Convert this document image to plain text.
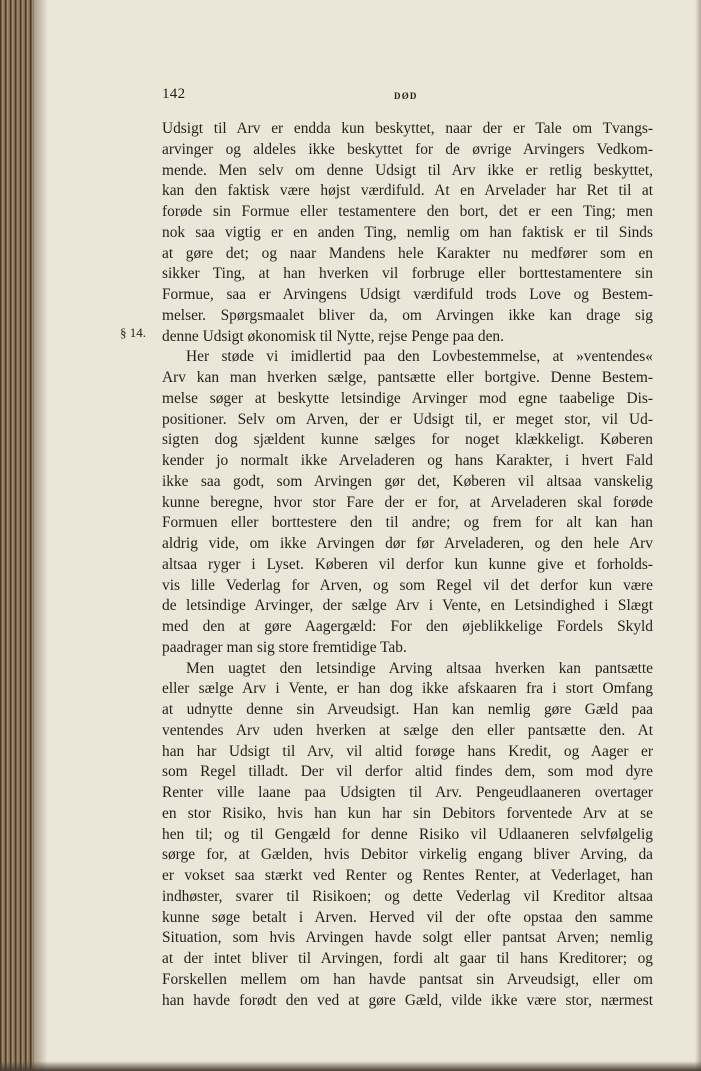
142	DØD
§ 14.
Udsigt til Arv er endda kun beskyttet, naar der er Tale om Tvangs-
arvinger og aldeles ikke beskyttet for de øvrige Arvingers Vedkom-
mende. Men selv om denne Udsigt til Arv ikke er retlig beskyttet,
kan den faktisk være højst værdifuld. At en Arvelader har Ret til at
forøde sin Formue eller testamentere den bort, det er een Ting; men
nok saa vigtig er en anden Ting, nemlig om han faktisk er til Sinds
at gøre det; og naar Mandens hele Karakter nu medfører som en
sikker Ting, at han hverken vil forbruge eller borttestamentere sin
Formue, saa er Arvingens Udsigt værdifuld trods Love og Bestem-
melser. Spørgsmaalet bliver da, om Arvingen ikke kan drage sig
denne Udsigt økonomisk til Nytte, rejse Penge paa den.
Her støde vi imidlertid paa den Lovbestemmelse, at »ventendes«
Arv kan man hverken sælge, pantsætte eller bortgive. Denne Bestem-
melse søger at beskytte letsindige Arvinger mod egne taabelige Dis-
positioner. Selv om Arven, der er Udsigt til, er meget stor, vil Ud-
sigten dog sjældent kunne sælges for noget klækkeligt. Køberen
kender jo normalt ikke Arveladeren og hans Karakter, i hvert Fald
ikke saa godt, som Arvingen gør det, Køberen vil altsaa vanskelig
kunne beregne, hvor stor Fare der er for, at Arveladeren skal forøde
Formuen eller borttestere den til andre; og frem for alt kan han
aldrig vide, om ikke Arvingen dør før Arveladeren, og den hele Arv
altsaa ryger i Lyset. Køberen vil derfor kun kunne give et forholds-
vis lille Vederlag for Arven, og som Regel vil det derfor kun være
de letsindige Arvinger, der sælge Arv i Vente, en Letsindighed i Slægt
med den at gøre Aagergæld: For den øjeblikkelige Fordels Skyld
paadrager man sig store fremtidige Tab.
Men uagtet den letsindige Arving altsaa hverken kan pantsætte
eller sælge Arv i Vente, er han dog ikke afskaaren fra i stort Omfang
at udnytte denne sin Arveudsigt. Han kan nemlig gøre Gæld paa
ventendes Arv uden hverken at sælge den eller pantsætte den. At
han har Udsigt til Arv, vil altid forøge hans Kredit, og Aager er
som Regel tilladt. Der vil derfor altid findes dem, som mod dyre
Renter ville laane paa Udsigten til Arv. Pengeudlaaneren overtager
en stor Risiko, hvis han kun har sin Debitors forventede Arv at se
hen til; og til Gengæld for denne Risiko vil Udlaaneren selvfølgelig
sørge for, at Gælden, hvis Debitor virkelig engang bliver Arving, da
er vokset saa stærkt ved Renter og Rentes Renter, at Vederlaget, han
indhøster, svarer til Risikoen; og dette Vederlag vil Kreditor altsaa
kunne søge betalt i Arven. Herved vil der ofte opstaa den samme
Situation, som hvis Arvingen havde solgt eller pantsat Arven; nemlig
at der intet bliver til Arvingen, fordi alt gaar til hans Kreditorer; og
Forskellen mellem om han havde pantsat sin Arveudsigt, eller om
han havde forødt den ved at gøre Gæld, vilde ikke være stor, nærmest
